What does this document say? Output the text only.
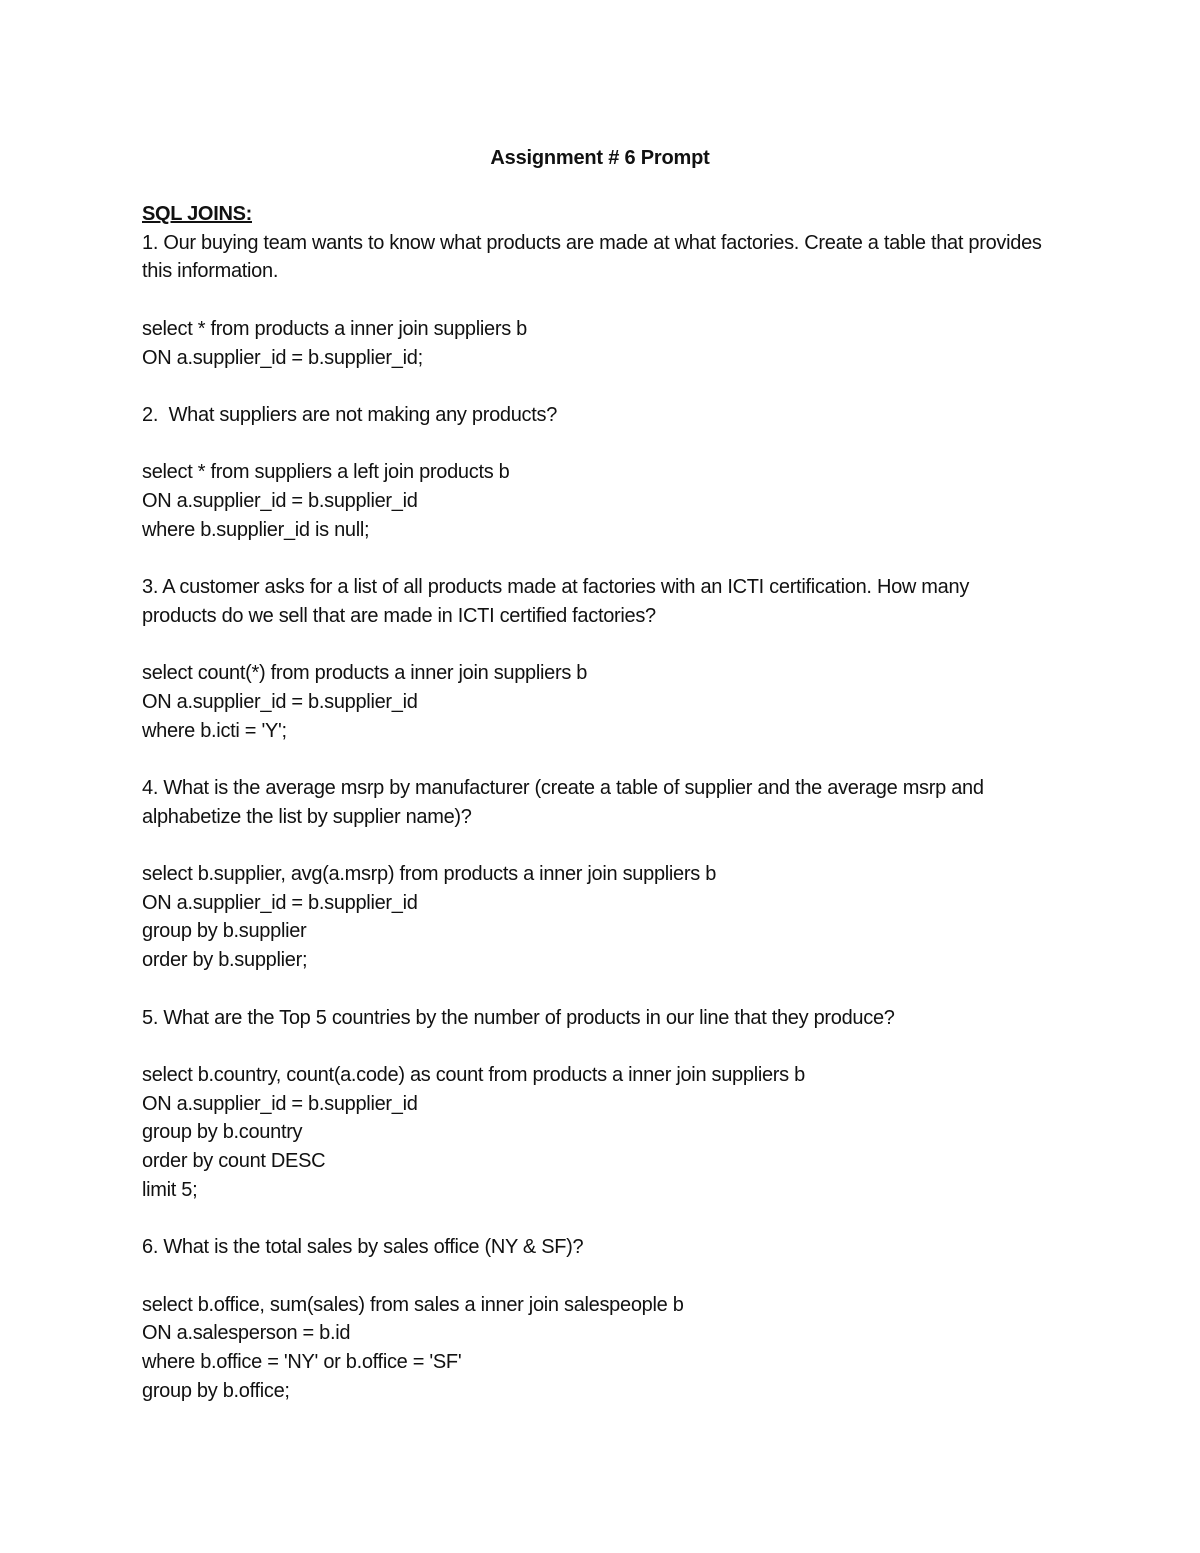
Assignment # 6 Prompt
SQL JOINS:
1. Our buying team wants to know what products are made at what factories. Create a table that provides this information.
select * from products a inner join suppliers b
ON a.supplier_id = b.supplier_id;
2.  What suppliers are not making any products?
select * from suppliers a left join products b
ON a.supplier_id = b.supplier_id
where b.supplier_id is null;
3. A customer asks for a list of all products made at factories with an ICTI certification. How many products do we sell that are made in ICTI certified factories?
select count(*) from products a inner join suppliers b
ON a.supplier_id = b.supplier_id
where b.icti = 'Y';
4. What is the average msrp by manufacturer (create a table of supplier and the average msrp and alphabetize the list by supplier name)?
select b.supplier, avg(a.msrp) from products a inner join suppliers b
ON a.supplier_id = b.supplier_id
group by b.supplier
order by b.supplier;
5. What are the Top 5 countries by the number of products in our line that they produce?
select b.country, count(a.code) as count from products a inner join suppliers b
ON a.supplier_id = b.supplier_id
group by b.country
order by count DESC
limit 5;
6. What is the total sales by sales office (NY & SF)?
select b.office, sum(sales) from sales a inner join salespeople b
ON a.salesperson = b.id
where b.office = 'NY' or b.office = 'SF'
group by b.office;
